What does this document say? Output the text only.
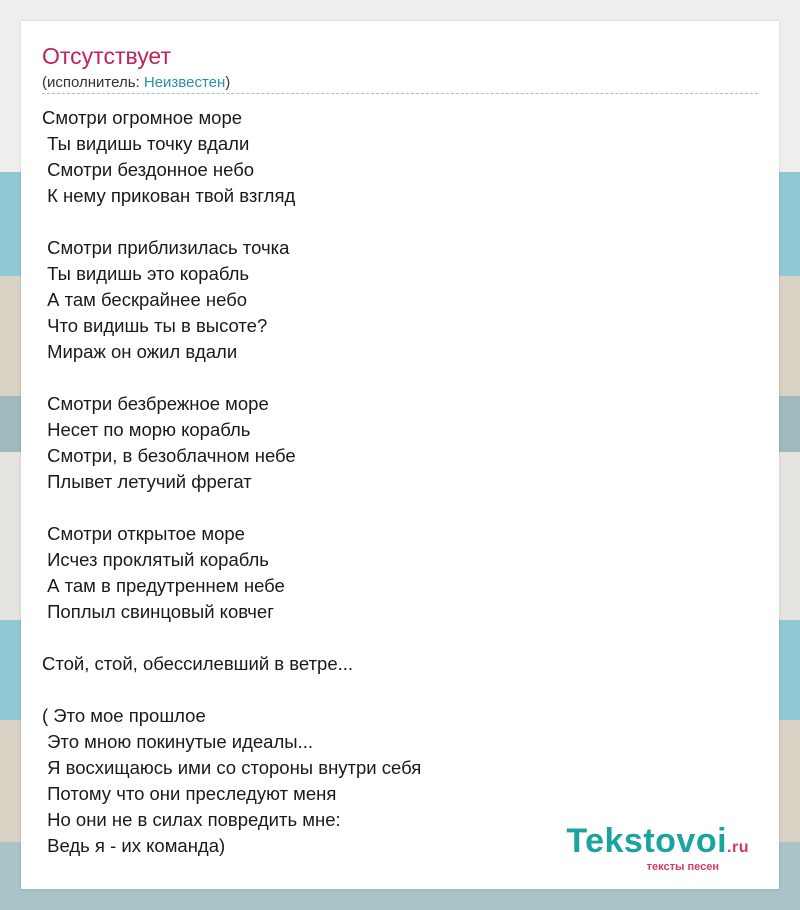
Отсутствует
(исполнитель: Неизвестен)
Смотри огромное море
Ты видишь точку вдали
Смотри бездонное небо
К нему прикован твой взгляд
Смотри приблизилась точка
Ты видишь это корабль
А там бескрайнее небо
Что видишь ты в высоте?
Мираж он ожил вдали
Смотри безбрежное море
Несет по морю корабль
Смотри, в безоблачном небе
Плывет летучий фрегат
Смотри открытое море
Исчез проклятый корабль
А там в предутреннем небе
Поплыл свинцовый ковчег
Стой, стой, обессилевший в ветре...
( Это мое прошлое
Это мною покинутые идеалы...
Я восхищаюсь ими со стороны внутри себя
Потому что они преследуют меня
Но они не в силах повредить мне:
Ведь я - их команда)	Tekstovoi.ru
тексты песен
